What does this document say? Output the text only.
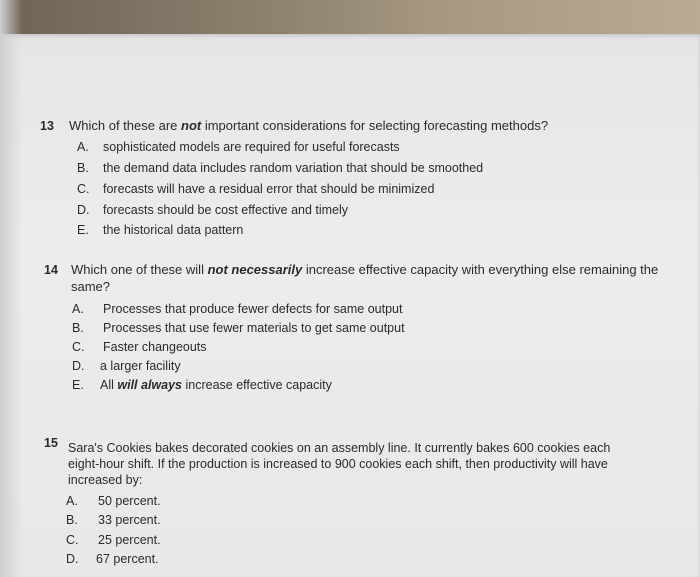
13 Which of these are not important considerations for selecting forecasting methods?
A. sophisticated models are required for useful forecasts
B. the demand data includes random variation that should be smoothed
C. forecasts will have a residual error that should be minimized
D. forecasts should be cost effective and timely
E. the historical data pattern
14 Which one of these will not necessarily increase effective capacity with everything else remaining the
same?
A. Processes that produce fewer defects for same output
B. Processes that use fewer materials to get same output
C. Faster changeouts
D. a larger facility
E. All will always increase effective capacity
15 Sara's Cookies bakes decorated cookies on an assembly line. It currently bakes 600 cookies each
eight-hour shift. If the production is increased to 900 cookies each shift, then productivity will have
increased by:
A. 50 percent.
B. 33 percent.
C. 25 percent.
D. 67 percent.
